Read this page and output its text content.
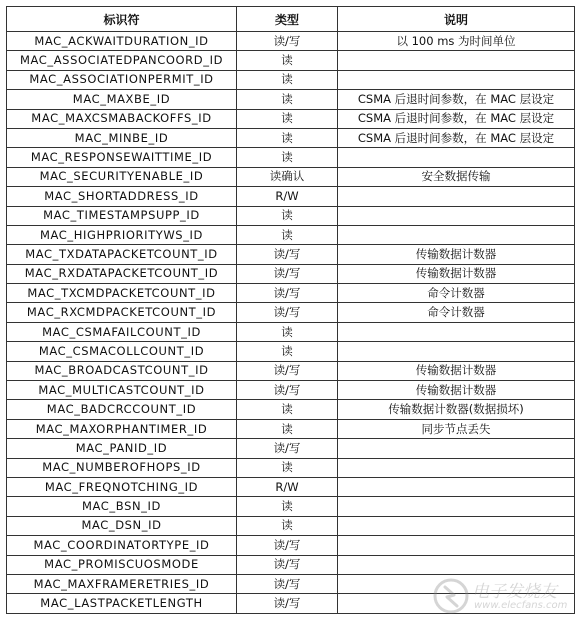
标识符	类型	说明
MAC_ACKWAITDURATION_ID	读/写	以 100 ms 为时间单位
MAC_ASSOCIATEDPANCOORD_ID	读	
MAC_ASSOCIATIONPERMIT_ID	读	
MAC_MAXBE_ID	读	CSMA 后退时间参数，在 MAC 层设定
MAC_MAXCSMABACKOFFS_ID	读	CSMA 后退时间参数，在 MAC 层设定
MAC_MINBE_ID	读	CSMA 后退时间参数，在 MAC 层设定
MAC_RESPONSEWAITTIME_ID	读	
MAC_SECURITYENABLE_ID	读确认	安全数据传输
MAC_SHORTADDRESS_ID	R/W	
MAC_TIMESTAMPSUPP_ID	读	
MAC_HIGHPRIORITYWS_ID	读	
MAC_TXDATAPACKETCOUNT_ID	读/写	传输数据计数器
MAC_RXDATAPACKETCOUNT_ID	读/写	传输数据计数器
MAC_TXCMDPACKETCOUNT_ID	读/写	命令计数器
MAC_RXCMDPACKETCOUNT_ID	读/写	命令计数器
MAC_CSMAFAILCOUNT_ID	读	
MAC_CSMACOLLCOUNT_ID	读	
MAC_BROADCASTCOUNT_ID	读/写	传输数据计数器
MAC_MULTICASTCOUNT_ID	读/写	传输数据计数器
MAC_BADCRCCOUNT_ID	读	传输数据计数器(数据损坏)
MAC_MAXORPHANTIMER_ID	读	同步节点丢失
MAC_PANID_ID	读/写	
MAC_NUMBEROFHOPS_ID	读	
MAC_FREQNOTCHING_ID	R/W	
MAC_BSN_ID	读	
MAC_DSN_ID	读	
MAC_COORDINATORTYPE_ID	读/写	
MAC_PROMISCUOSMODE	读/写	
MAC_MAXFRAMERETRIES_ID	读/写	
MAC_LASTPACKETLENGTH	读/写	
电子发烧友
www.elecfans.com
